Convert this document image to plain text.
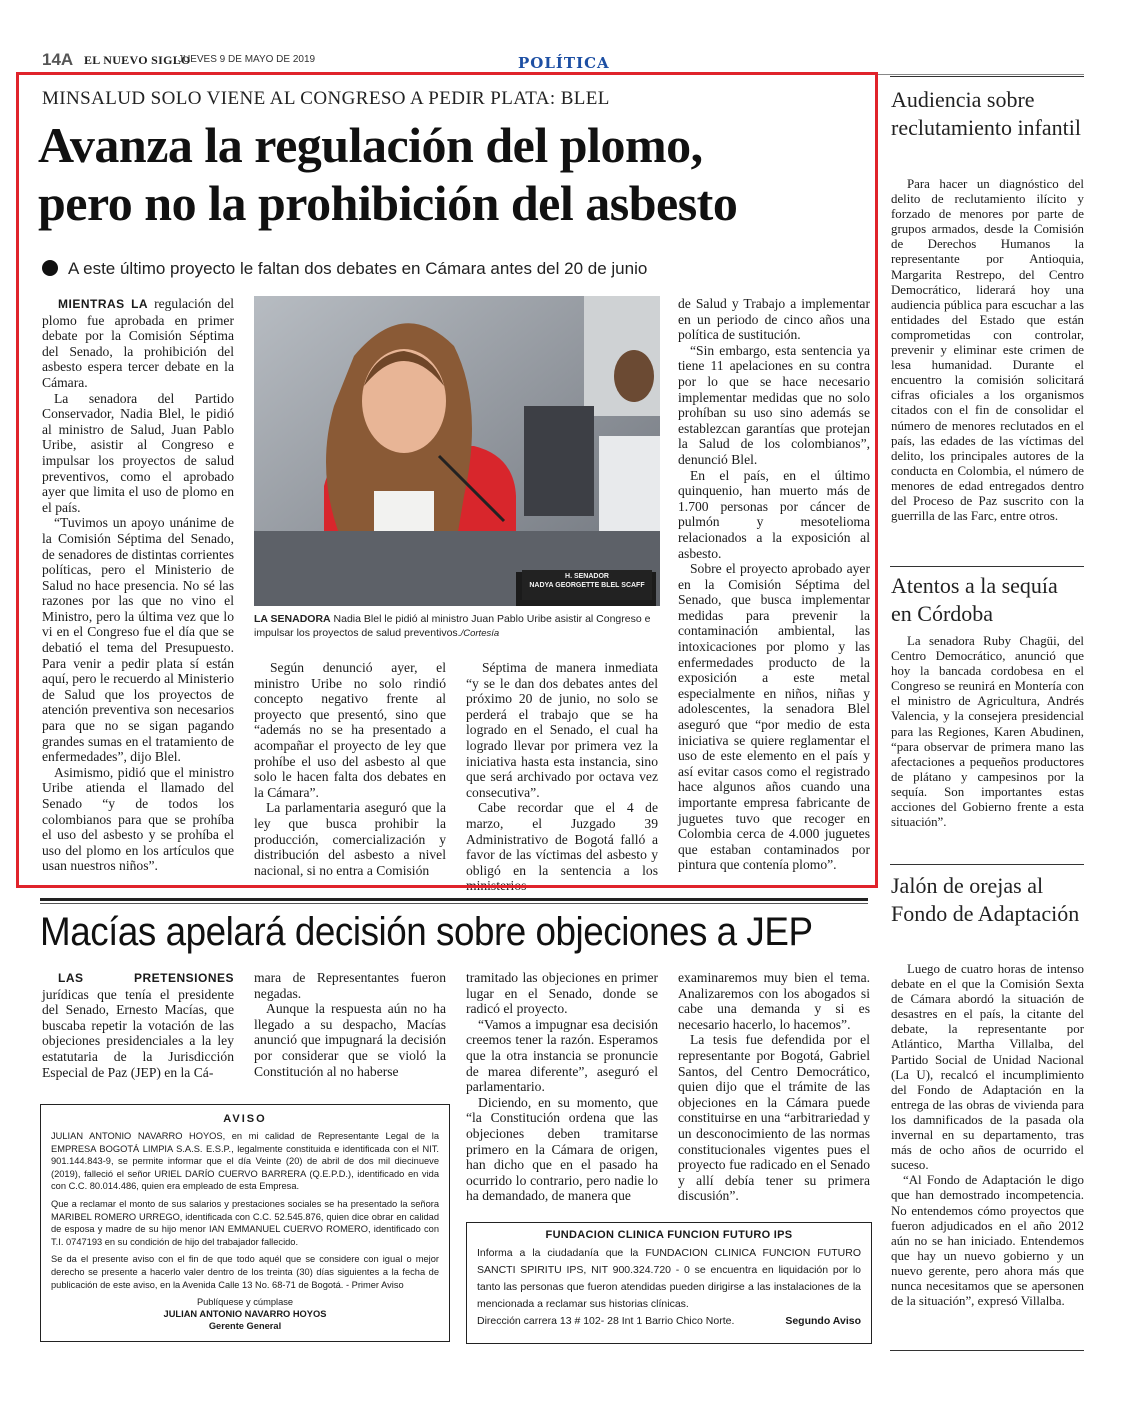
14A EL NUEVO SIGLO
JUEVES 9 DE MAYO DE 2019	POLÍTICA
MINSALUD SOLO VIENE AL CONGRESO A PEDIR PLATA: BLEL
Avanza la regulación del plomo,
pero no la prohibición del asbesto
A este último proyecto le faltan dos debates en Cámara antes del 20 de junio

MIENTRAS LA regulación del plomo fue aprobada en primer debate por la Comisión Séptima del Senado, la prohibición del asbesto espera tercer debate en la Cámara.

La senadora del Partido Conservador, Nadia Blel, le pidió al ministro de Salud, Juan Pablo Uribe, asistir al Congreso e impulsar los proyectos de salud preventivos, como el aprobado ayer que limita el uso de plomo en el país.

“Tuvimos un apoyo unánime de la Comisión Séptima del Senado, de senadores de distintas corrientes políticas, pero el Ministerio de Salud no hace presencia. No sé las razones por las que no vino el Ministro, pero la última vez que lo vi en el Congreso fue el día que se debatió el tema del Presupuesto. Para venir a pedir plata sí están aquí, pero le recuerdo al Ministerio de Salud que los proyectos de atención preventiva son necesarios para que no se sigan pagando grandes sumas en el tratamiento de enfermedades”, dijo Blel.

Asimismo, pidió que el ministro Uribe atienda el llamado del Senado “y de todos los colombianos para que se prohíba el uso del asbesto y se prohíba el uso del plomo en los artículos que usan nuestros niños”.

H. SENADOR
NADYA GEORGETTE BLEL SCAFF
LA SENADORA Nadia Blel le pidió al ministro Juan Pablo Uribe asistir al Congreso e impulsar los proyectos de salud preventivos./Cortesía

Según denunció ayer, el ministro Uribe no solo rindió concepto negativo frente al proyecto que presentó, sino que “además no se ha presentado a acompañar el proyecto de ley que prohíbe el uso del asbesto al que solo le hacen falta dos debates en la Cámara”.

La parlamentaria aseguró que la ley que busca prohibir la producción, comercialización y distribución del asbesto a nivel nacional, si no entra a Comisión

Séptima de manera inmediata “y se le dan dos debates antes del próximo 20 de junio, no solo se perderá el trabajo que se ha logrado en el Senado, el cual ha logrado llevar por primera vez la iniciativa hasta esta instancia, sino que será archivado por octava vez consecutiva”.

Cabe recordar que el 4 de marzo, el Juzgado 39 Administrativo de Bogotá falló a favor de las víctimas del asbesto y obligó en la sentencia a los ministerios

de Salud y Trabajo a implementar en un periodo de cinco años una política de sustitución.

“Sin embargo, esta sentencia ya tiene 11 apelaciones en su contra por lo que se hace necesario implementar medidas que no solo prohíban su uso sino además se establezcan garantías que protejan la Salud de los colombianos”, denunció Blel.

En el país, en el último quinquenio, han muerto más de 1.700 personas por cáncer de pulmón y mesotelioma relacionados a la exposición al asbesto.

Sobre el proyecto aprobado ayer en la Comisión Séptima del Senado, que busca implementar medidas para prevenir la contaminación ambiental, las intoxicaciones por plomo y las enfermedades producto de la exposición a este metal especialmente en niños, niñas y adolescentes, la senadora Blel aseguró que “por medio de esta iniciativa se quiere reglamentar el uso de este elemento en el país y así evitar casos como el registrado hace algunos años cuando una importante empresa fabricante de juguetes tuvo que recoger en Colombia cerca de 4.000 juguetes que estaban contaminados por pintura que contenía plomo”.

Macías apelará decisión sobre objeciones a JEP

LAS PRETENSIONES jurídicas que tenía el presidente del Senado, Ernesto Macías, que buscaba repetir la votación de las objeciones presidenciales a la ley estatutaria de la Jurisdicción Especial de Paz (JEP) en la Cá-

mara de Representantes fueron negadas.

Aunque la respuesta aún no ha llegado a su despacho, Macías anunció que impugnará la decisión por considerar que se violó la Constitución al no haberse

tramitado las objeciones en primer lugar en el Senado, donde se radicó el proyecto.

“Vamos a impugnar esa decisión creemos tener la razón. Esperamos que la otra instancia se pronuncie de marea diferente”, aseguró el parlamentario.

Diciendo, en su momento, que “la Constitución ordena que las objeciones deben tramitarse primero en la Cámara de origen, han dicho que en el pasado ha ocurrido lo contrario, pero nadie lo ha demandado, de manera que

examinaremos muy bien el tema. Analizaremos con los abogados si cabe una demanda y si es necesario hacerlo, lo hacemos”.

La tesis fue defendida por el representante por Bogotá, Gabriel Santos, del Centro Democrático, quien dijo que el trámite de las objeciones en la Cámara puede constituirse en una “arbitrariedad y un desconocimiento de las normas constitucionales vigentes pues el proyecto fue radicado en el Senado y allí debía tener su primera discusión”.

AVISO

JULIAN ANTONIO NAVARRO HOYOS, en mi calidad de Representante Legal de la EMPRESA BOGOTÁ LIMPIA S.A.S. E.S.P., legalmente constituida e identificada con el NIT. 901.144.843-9, se permite informar que el día Veinte (20) de abril de dos mil diecinueve (2019), falleció el señor URIEL DARÍO CUERVO BARRERA (Q.E.P.D.), identificado en vida con C.C. 80.014.486, quien era empleado de esta Empresa.

Que a reclamar el monto de sus salarios y prestaciones sociales se ha presentado la señora MARIBEL ROMERO URREGO, identificada con C.C. 52.545.876, quien dice obrar en calidad de esposa y madre de su hijo menor IAN EMMANUEL CUERVO ROMERO, identificado con T.I. 0747193 en su condición de hijo del trabajador fallecido.

Se da el presente aviso con el fin de que todo aquél que se considere con igual o mejor derecho se presente a hacerlo valer dentro de los treinta (30) días siguientes a la fecha de publicación de este aviso, en la Avenida Calle 13 No. 68-71 de Bogotá. - Primer Aviso

Publíquese y cúmplase
JULIAN ANTONIO NAVARRO HOYOS
Gerente General
FUNDACION CLINICA FUNCION FUTURO IPS
Informa a la ciudadanía que la FUNDACION CLINICA FUNCION FUTURO SANCTI SPIRITU IPS, NIT 900.324.720 - 0 se encuentra en liquidación por lo tanto las personas que fueron atendidas pueden dirigirse a las instalaciones de la mencionada a reclamar sus historias clínicas.
Dirección carrera 13 # 102- 28 Int 1 Barrio Chico Norte.	Segundo Aviso
Audiencia sobre reclutamiento infantil

Para hacer un diagnóstico del delito de reclutamiento ilícito y forzado de menores por parte de grupos armados, desde la Comisión de Derechos Humanos la representante por Antioquia, Margarita Restrepo, del Centro Democrático, liderará hoy una audiencia pública para escuchar a las entidades del Estado que están comprometidas con controlar, prevenir y eliminar este crimen de lesa humanidad. Durante el encuentro la comisión solicitará cifras oficiales a los organismos citados con el fin de consolidar el número de menores reclutados en el país, las edades de las víctimas del delito, los principales autores de la conducta en Colombia, el número de menores de edad entregados dentro del Proceso de Paz suscrito con la guerrilla de las Farc, entre otros.

Atentos a la sequía en Córdoba

La senadora Ruby Chagüi, del Centro Democrático, anunció que hoy la bancada cordobesa en el Congreso se reunirá en Montería con el ministro de Agricultura, Andrés Valencia, y la consejera presidencial para las Regiones, Karen Abudinen, “para observar de primera mano las afectaciones a pequeños productores de plátano y campesinos por la sequía. Son importantes estas acciones del Gobierno frente a esta situación”.

Jalón de orejas al Fondo de Adaptación

Luego de cuatro horas de intenso debate en el que la Comisión Sexta de Cámara abordó la situación de desastres en el país, la citante del debate, la representante por Atlántico, Martha Villalba, del Partido Social de Unidad Nacional (La U), recalcó el incumplimiento del Fondo de Adaptación en la entrega de las obras de vivienda para los damnificados de la pasada ola invernal en su departamento, tras más de ocho años de ocurrido el suceso.

“Al Fondo de Adaptación le digo que han demostrado incompetencia. No entendemos cómo proyectos que fueron adjudicados en el año 2012 aún no se han iniciado. Entendemos que hay un nuevo gobierno y un nuevo gerente, pero ahora más que nunca necesitamos que se apersonen de la situación”, expresó Villalba.
